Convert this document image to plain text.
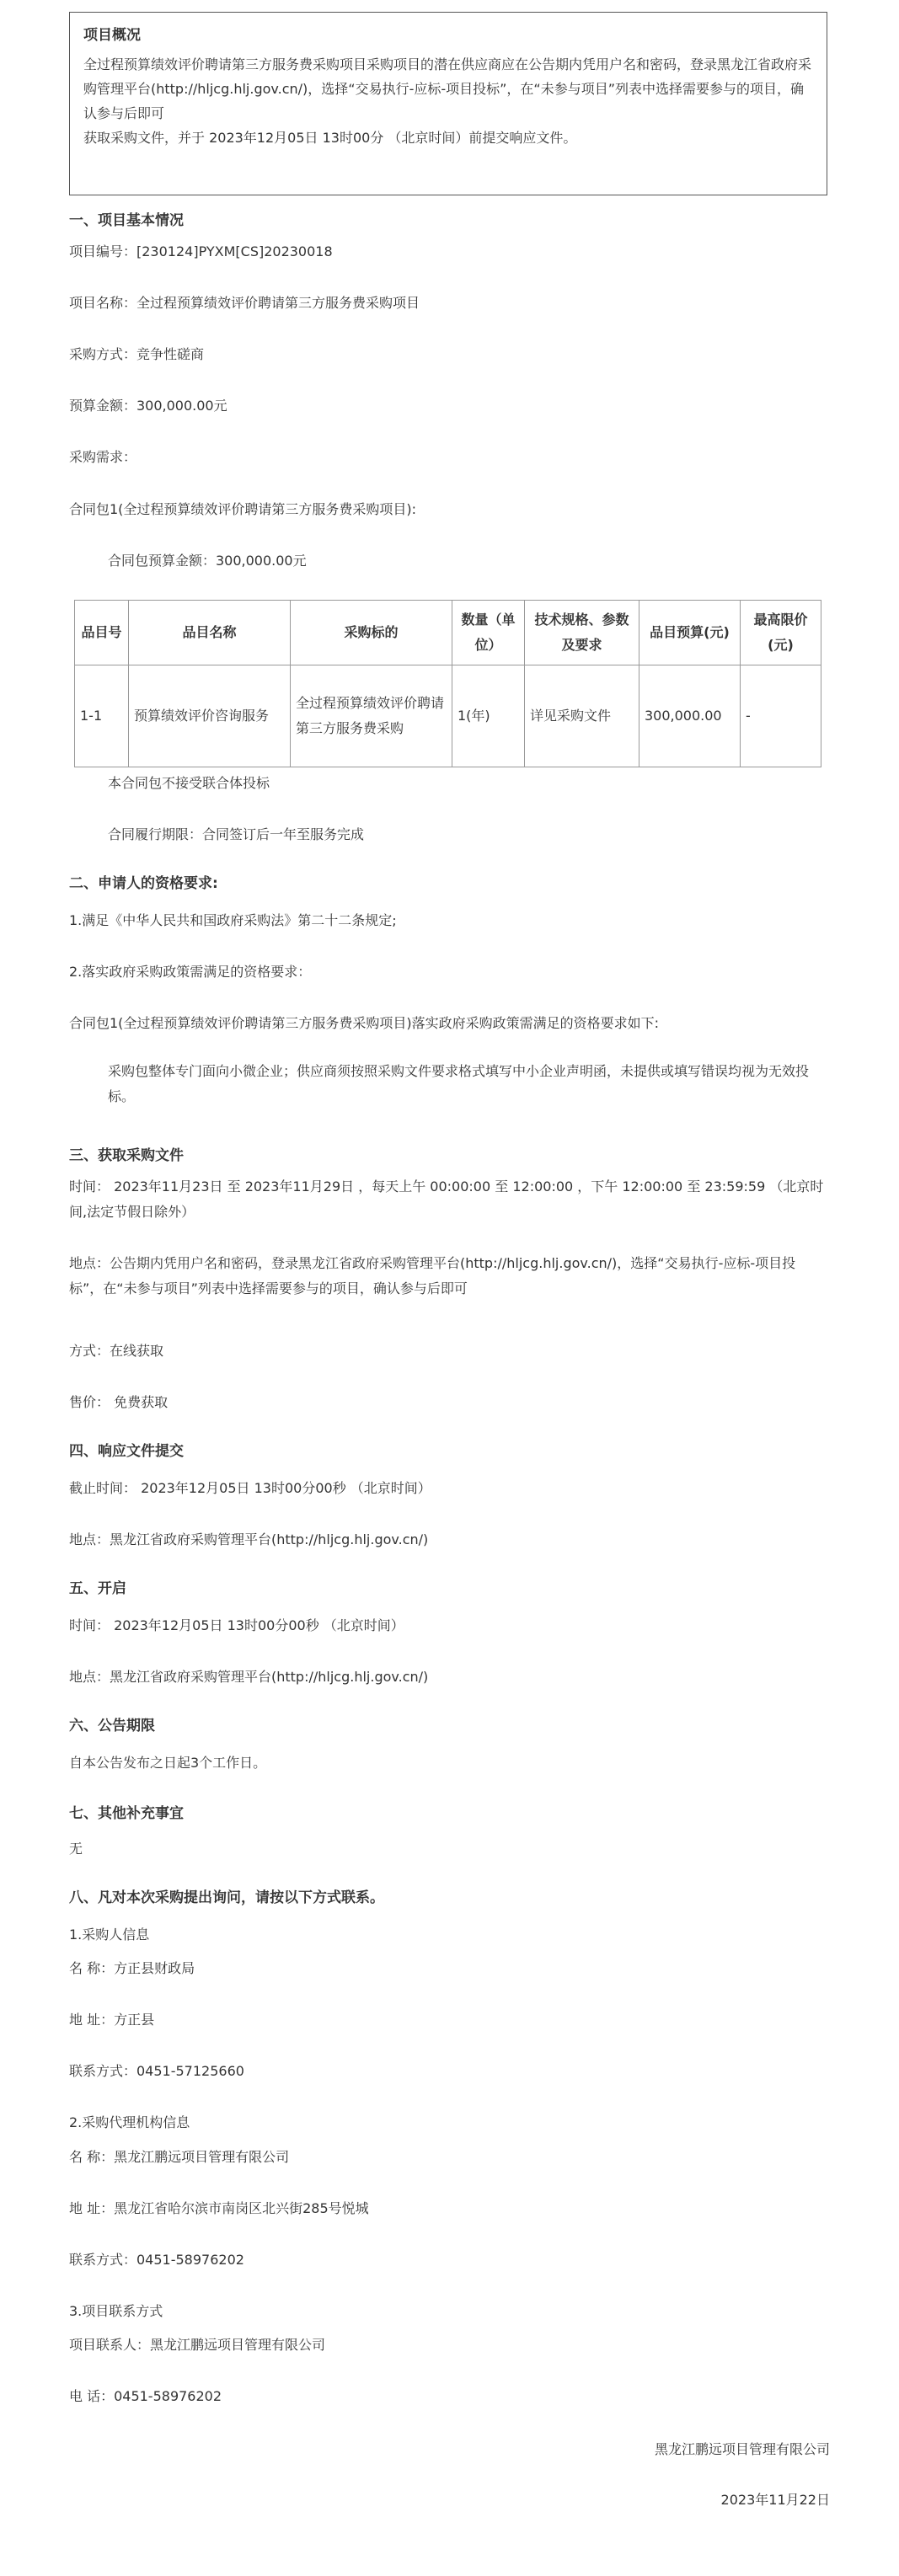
项目概况

全过程预算绩效评价聘请第三方服务费采购项目采购项目的潜在供应商应在公告期内凭用户名和密码，登录黑龙江省政府采购管理平台(http://hljcg.hlj.gov.cn/)，选择“交易执行-应标-项目投标”，在“未参与项目”列表中选择需要参与的项目，确认参与后即可

获取采购文件，并于 2023年12月05日 13时00分 （北京时间）前提交响应文件。

一、项目基本情况
项目编号：[230124]PYXM[CS]20230018
项目名称：全过程预算绩效评价聘请第三方服务费采购项目
采购方式：竞争性磋商
预算金额：300,000.00元
采购需求：
合同包1(全过程预算绩效评价聘请第三方服务费采购项目):
合同包预算金额：300,000.00元
品目号	品目名称	采购标的	数量（单位）	技术规格、参数及要求	品目预算(元)	最高限价(元)
1-1	预算绩效评价咨询服务	全过程预算绩效评价聘请第三方服务费采购	1(年)	详见采购文件	300,000.00	-
本合同包不接受联合体投标
合同履行期限：合同签订后一年至服务完成
二、申请人的资格要求:
1.满足《中华人民共和国政府采购法》第二十二条规定;
2.落实政府采购政策需满足的资格要求：
合同包1(全过程预算绩效评价聘请第三方服务费采购项目)落实政府采购政策需满足的资格要求如下:
采购包整体专门面向小微企业；供应商须按照采购文件要求格式填写中小企业声明函，未提供或填写错误均视为无效投标。
三、获取采购文件
时间： 2023年11月23日 至 2023年11月29日 ，每天上午 00:00:00 至 12:00:00 ，下午 12:00:00 至 23:59:59 （北京时间,法定节假日除外）
地点：公告期内凭用户名和密码，登录黑龙江省政府采购管理平台(http://hljcg.hlj.gov.cn/)，选择“交易执行-应标-项目投标”，在“未参与项目”列表中选择需要参与的项目，确认参与后即可
方式：在线获取
售价： 免费获取
四、响应文件提交
截止时间： 2023年12月05日 13时00分00秒 （北京时间）
地点：黑龙江省政府采购管理平台(http://hljcg.hlj.gov.cn/)
五、开启
时间： 2023年12月05日 13时00分00秒 （北京时间）
地点：黑龙江省政府采购管理平台(http://hljcg.hlj.gov.cn/)
六、公告期限
自本公告发布之日起3个工作日。
七、其他补充事宜
无
八、凡对本次采购提出询问，请按以下方式联系。
1.采购人信息
名 称：方正县财政局
地 址：方正县
联系方式：0451-57125660
2.采购代理机构信息
名 称：黑龙江鹏远项目管理有限公司
地 址：黑龙江省哈尔滨市南岗区北兴街285号悦城
联系方式：0451-58976202
3.项目联系方式
项目联系人：黑龙江鹏远项目管理有限公司
电 话：0451-58976202
黑龙江鹏远项目管理有限公司
2023年11月22日
